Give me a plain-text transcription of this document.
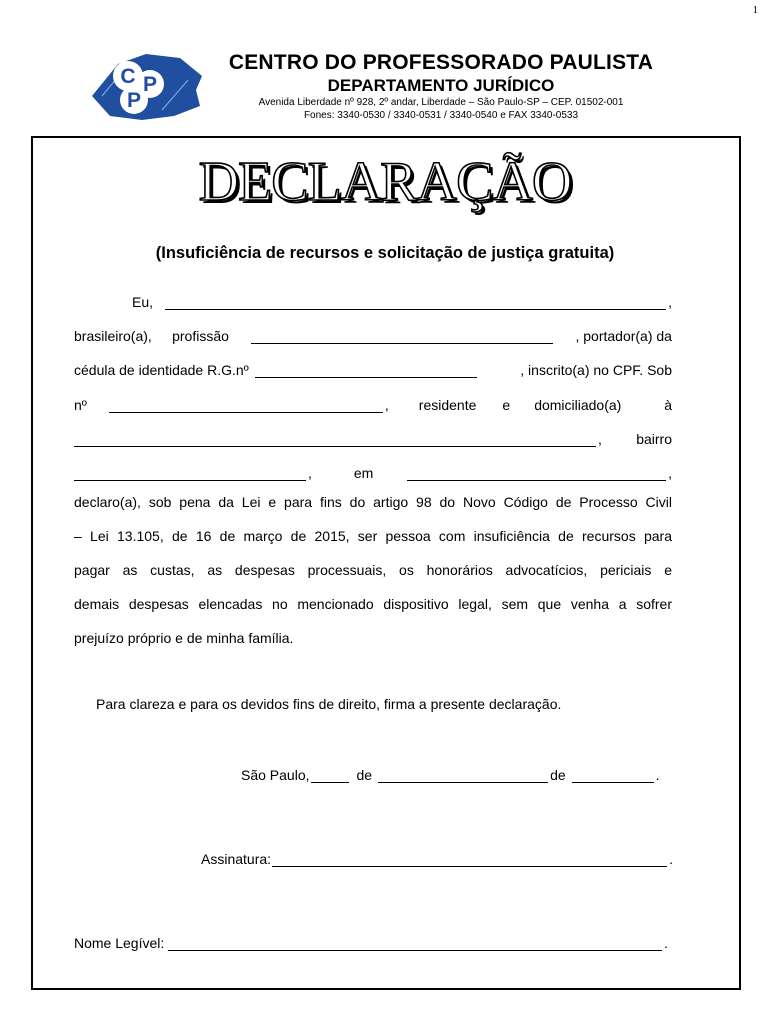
1
C P
P
CENTRO DO PROFESSORADO PAULISTA
DEPARTAMENTO JURÍDICO
Avenida Liberdade nº 928, 2º andar, Liberdade – São Paulo-SP – CEP. 01502-001
Fones: 3340-0530 / 3340-0531 / 3340-0540 e FAX 3340-0533
DECLARAÇÃO
(Insuficiência de recursos e solicitação de justiça gratuita)
Eu,	,
brasileiro(a), profissão	, portador(a) da
cédula de identidade R.G.nº	, inscrito(a) no CPF. Sob
nº	, residente e domiciliado(a)	à
, bairro
,	em	,
declaro(a), sob pena da Lei e para fins do artigo 98 do Novo Código de Processo Civil
– Lei 13.105, de 16 de março de 2015, ser pessoa com insuficiência de recursos para
pagar as custas, as despesas processuais, os honorários advocatícios, periciais e
demais despesas elencadas no mencionado dispositivo legal, sem que venha a sofrer
prejuízo próprio e de minha família.
Para clareza e para os devidos fins de direito, firma a presente declaração.
São Paulo,	de	de	.
Assinatura:	.
Nome Legível:	.
